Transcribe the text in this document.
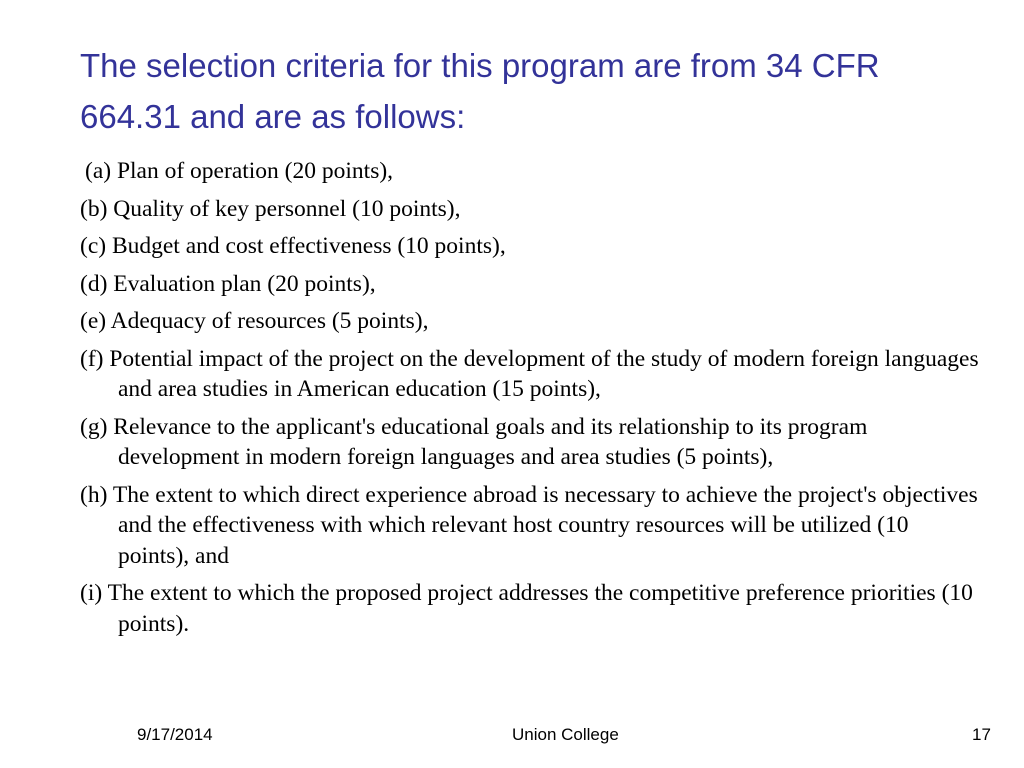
The selection criteria for this program are from 34 CFR 664.31 and are as follows:
(a) Plan of operation (20 points),
(b) Quality of key personnel (10 points),
(c) Budget and cost effectiveness (10 points),
(d) Evaluation plan (20 points),
(e) Adequacy of resources (5 points),
(f) Potential impact of the project on the development of the study of modern foreign languages and area studies in American education (15 points),
(g) Relevance to the applicant's educational goals and its relationship to its program development in modern foreign languages and area studies (5 points),
(h) The extent to which direct experience abroad is necessary to achieve the project's objectives and the effectiveness with which relevant host country resources will be utilized (10 points), and
(i) The extent to which the proposed project addresses the competitive preference priorities (10 points).
9/17/2014	Union College	17
